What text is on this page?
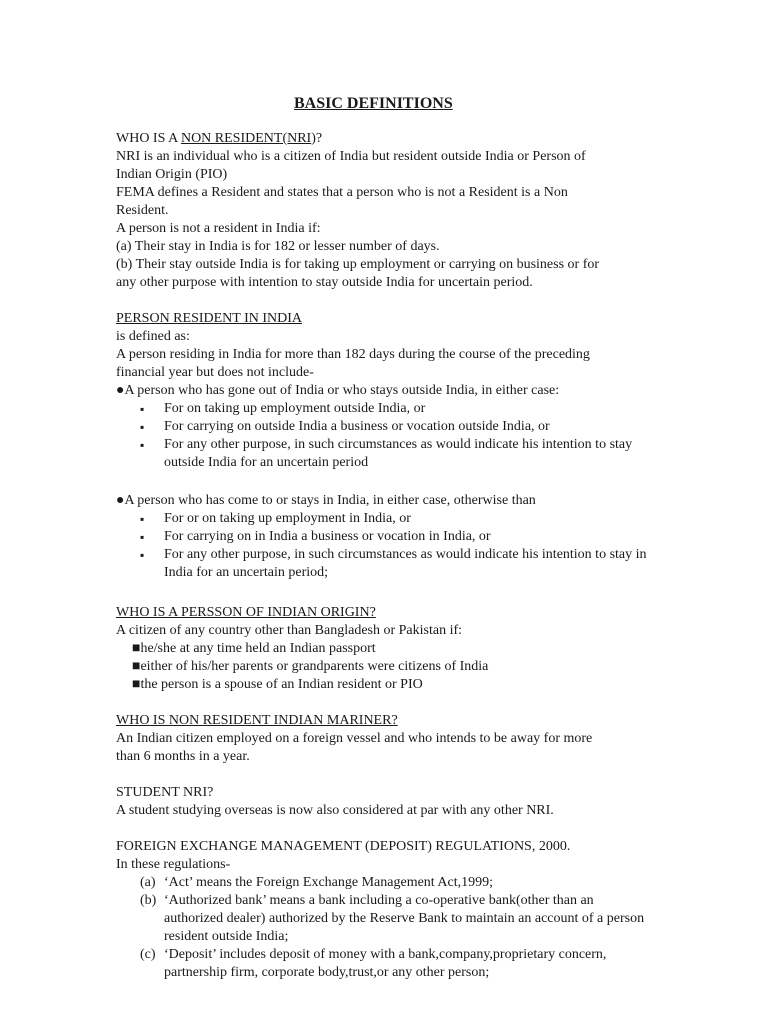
BASIC DEFINITIONS
WHO IS A NON RESIDENT(NRI)?
NRI is an individual who is a citizen of India but resident outside India or Person of
Indian Origin (PIO)
FEMA defines a Resident and states that a person who is not a Resident is a Non
Resident.
A person is not a resident in India if:
(a) Their stay in India is for 182 or lesser number of days.
(b) Their stay outside India is for taking up employment or carrying on business or for
any other purpose with intention to stay outside India for uncertain period.
PERSON RESIDENT IN INDIA
is defined as:
A person residing in India for more than 182 days during the course of the preceding
financial year but does not include-
●A person who has gone out of India or who stays outside India, in either case:
▪ For on taking up employment outside India, or
▪ For carrying on outside India a business or vocation outside India, or
▪ For any other purpose, in such circumstances as would indicate his intention to stay outside India for an uncertain period
●A person who has come to or stays in India, in either case, otherwise than
▪ For or on taking up employment in India, or
▪ For carrying on in India a business or vocation in India, or
▪ For any other purpose, in such circumstances as would indicate his intention to stay in India for an uncertain period;
WHO IS A PERSSON OF INDIAN ORIGIN?
A citizen of any country other than Bangladesh or Pakistan if:
■he/she at any time held an Indian passport
■either of his/her parents or grandparents were citizens of India
■the person is a spouse of an Indian resident or PIO
WHO IS NON RESIDENT INDIAN MARINER?
An Indian citizen employed on a foreign vessel and who intends to be away for more
than 6 months in a year.
STUDENT NRI?
A student studying overseas is now also considered at par with any other NRI.
FOREIGN EXCHANGE MANAGEMENT (DEPOSIT) REGULATIONS, 2000.
In these regulations-
(a) ‘Act’ means the Foreign Exchange Management Act,1999;
(b) ‘Authorized bank’ means a bank including a co-operative bank(other than an authorized dealer) authorized by the Reserve Bank to maintain an account of a person resident outside India;
(c) ‘Deposit’ includes deposit of money with a bank,company,proprietary concern, partnership firm, corporate body,trust,or any other person;
